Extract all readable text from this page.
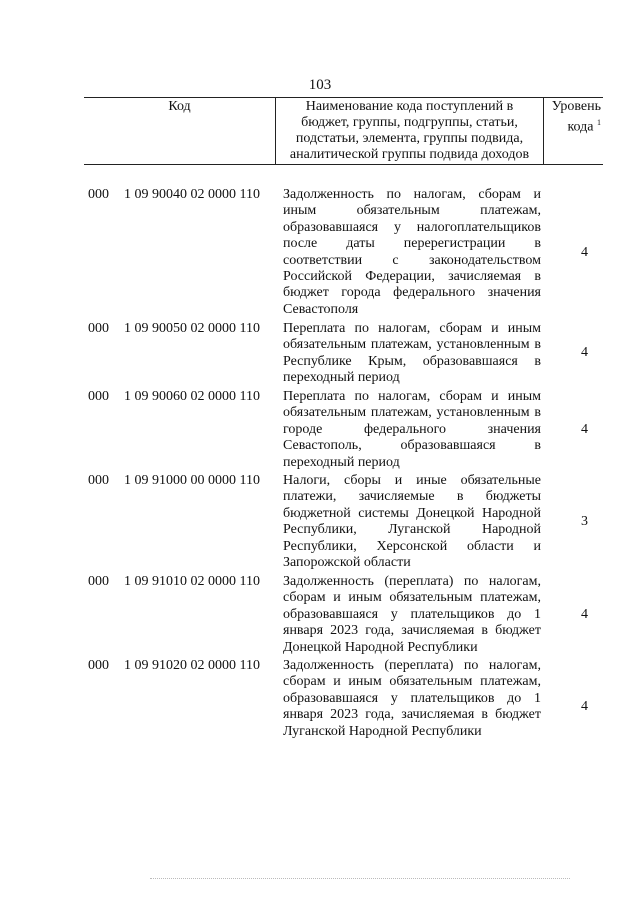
103
Код	Наименование кода поступлений в
бюджет, группы, подгруппы, статьи,
подстатьи, элемента, группы подвида,
аналитической группы подвида доходов
Уровень
кода $^1$
000 1 09 90040 02 0000 110 Задолженность по налогам, сборам и иным обязательным платежам, образовавшаяся у налогоплательщиков после даты перерегистрации в соответствии с законодательством Российской Федерации, зачисляемая в бюджет города федерального значения Севастополя
4
000 1 09 90050 02 0000 110 Переплата по налогам, сборам и иным обязательным платежам, установленным в Республике Крым, образовавшаяся в переходный период
4
000 1 09 90060 02 0000 110 Переплата по налогам, сборам и иным обязательным платежам, установленным в городе федерального значения Севастополь, образовавшаяся в переходный период
4
000 1 09 91000 00 0000 110 Налоги, сборы и иные обязательные платежи, зачисляемые в бюджеты бюджетной системы Донецкой Народной Республики, Луганской Народной Республики, Херсонской области и Запорожской области
3
000 1 09 91010 02 0000 110 Задолженность (переплата) по налогам, сборам и иным обязательным платежам, образовавшаяся у плательщиков до 1 января 2023 года, зачисляемая в бюджет Донецкой Народной Республики
4
000 1 09 91020 02 0000 110 Задолженность (переплата) по налогам, сборам и иным обязательным платежам, образовавшаяся у плательщиков до 1 января 2023 года, зачисляемая в бюджет Луганской Народной Республики
4
